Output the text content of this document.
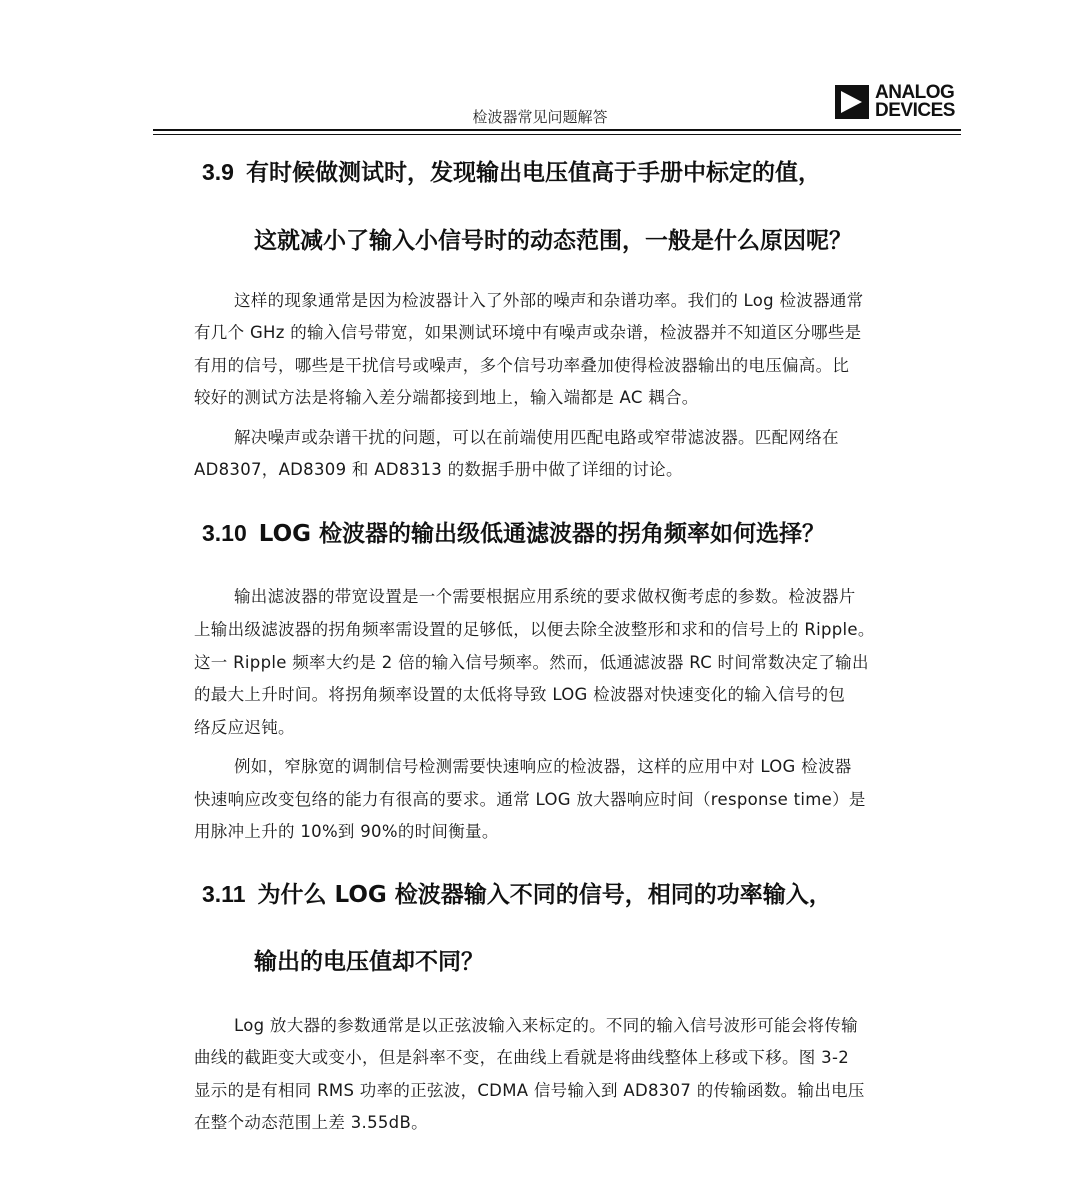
检波器常见问题解答
ANALOG
DEVICES
3.9 有时候做测试时，发现输出电压值高于手册中标定的值，
这就减小了输入小信号时的动态范围，一般是什么原因呢？
这样的现象通常是因为检波器计入了外部的噪声和杂谱功率。我们的 Log 检波器通常
有几个 GHz 的输入信号带宽，如果测试环境中有噪声或杂谱，检波器并不知道区分哪些是
有用的信号，哪些是干扰信号或噪声，多个信号功率叠加使得检波器输出的电压偏高。比
较好的测试方法是将输入差分端都接到地上，输入端都是 AC 耦合。
解决噪声或杂谱干扰的问题，可以在前端使用匹配电路或窄带滤波器。匹配网络在
AD8307，AD8309 和 AD8313 的数据手册中做了详细的讨论。
3.10 LOG 检波器的输出级低通滤波器的拐角频率如何选择？
输出滤波器的带宽设置是一个需要根据应用系统的要求做权衡考虑的参数。检波器片
上输出级滤波器的拐角频率需设置的足够低，以便去除全波整形和求和的信号上的 Ripple。
这一 Ripple 频率大约是 2 倍的输入信号频率。然而，低通滤波器 RC 时间常数决定了输出
的最大上升时间。将拐角频率设置的太低将导致 LOG 检波器对快速变化的输入信号的包
络反应迟钝。
例如，窄脉宽的调制信号检测需要快速响应的检波器，这样的应用中对 LOG 检波器
快速响应改变包络的能力有很高的要求。通常 LOG 放大器响应时间（response time）是
用脉冲上升的 10%到 90%的时间衡量。
3.11 为什么 LOG 检波器输入不同的信号，相同的功率输入，
输出的电压值却不同？
Log 放大器的参数通常是以正弦波输入来标定的。不同的输入信号波形可能会将传输
曲线的截距变大或变小，但是斜率不变，在曲线上看就是将曲线整体上移或下移。图 3-2
显示的是有相同 RMS 功率的正弦波，CDMA 信号输入到 AD8307 的传输函数。输出电压
在整个动态范围上差 3.55dB。
